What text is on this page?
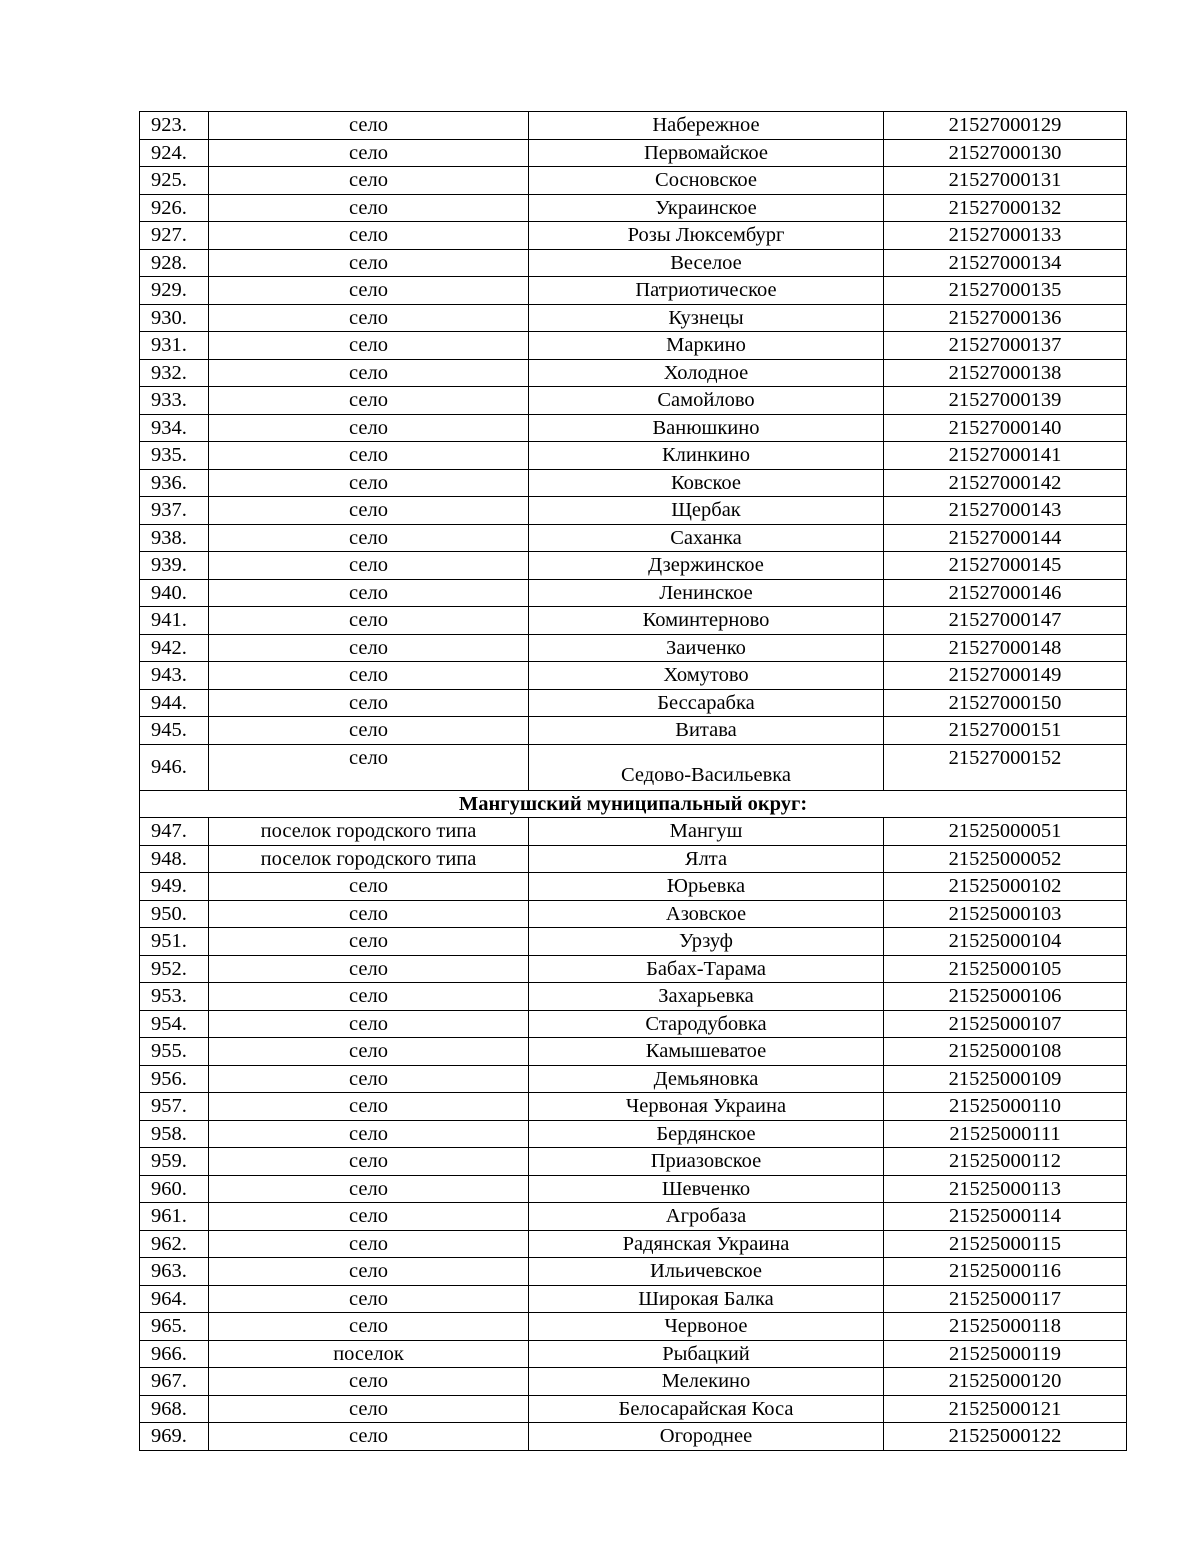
923.	село	Набережное	21527000129
924.	село	Первомайское	21527000130
925.	село	Сосновское	21527000131
926.	село	Украинское	21527000132
927.	село	Розы Люксембург	21527000133
928.	село	Веселое	21527000134
929.	село	Патриотическое	21527000135
930.	село	Кузнецы	21527000136
931.	село	Маркино	21527000137
932.	село	Холодное	21527000138
933.	село	Самойлово	21527000139
934.	село	Ванюшкино	21527000140
935.	село	Клинкино	21527000141
936.	село	Ковское	21527000142
937.	село	Щербак	21527000143
938.	село	Саханка	21527000144
939.	село	Дзержинское	21527000145
940.	село	Ленинское	21527000146
941.	село	Коминтерново	21527000147
942.	село	Заиченко	21527000148
943.	село	Хомутово	21527000149
944.	село	Бессарабка	21527000150
945.	село	Витава	21527000151
946.	село	Седово-Васильевка	21527000152
Мангушский муниципальный округ:			
947.	поселок городского типа	Мангуш	21525000051
948.	поселок городского типа	Ялта	21525000052
949.	село	Юрьевка	21525000102
950.	село	Азовское	21525000103
951.	село	Урзуф	21525000104
952.	село	Бабах-Тарама	21525000105
953.	село	Захарьевка	21525000106
954.	село	Стародубовка	21525000107
955.	село	Камышеватое	21525000108
956.	село	Демьяновка	21525000109
957.	село	Червоная Украина	21525000110
958.	село	Бердянское	21525000111
959.	село	Приазовское	21525000112
960.	село	Шевченко	21525000113
961.	село	Агробаза	21525000114
962.	село	Радянская Украина	21525000115
963.	село	Ильичевское	21525000116
964.	село	Широкая Балка	21525000117
965.	село	Червоное	21525000118
966.	поселок	Рыбацкий	21525000119
967.	село	Мелекино	21525000120
968.	село	Белосарайская Коса	21525000121
969.	село	Огороднее	21525000122
